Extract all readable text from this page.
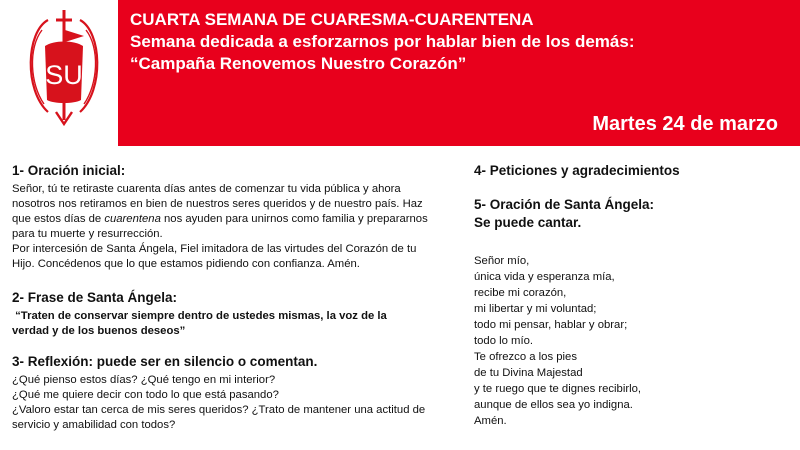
SU
CUARTA SEMANA DE CUARESMA-CUARENTENA
Semana dedicada a esforzarnos por hablar bien de los demás:
“Campaña Renovemos Nuestro Corazón”
Martes 24 de marzo
1- Oración inicial:
Señor, tú te retiraste cuarenta días antes de comenzar tu vida pública y ahora
nosotros nos retiramos en bien de nuestros seres queridos y de nuestro país. Haz
que estos días de cuarentena nos ayuden para unirnos como familia y prepararnos
para tu muerte y resurrección.
Por intercesión de Santa Ángela, Fiel imitadora de las virtudes del Corazón de tu
Hijo. Concédenos que lo que estamos pidiendo con confianza. Amén.
2- Frase de Santa Ángela:
“Traten de conservar siempre dentro de ustedes mismas, la voz de la
verdad y de los buenos deseos”
3- Reflexión: puede ser en silencio o comentan.
¿Qué pienso estos días? ¿Qué tengo en mi interior?
¿Qué me quiere decir con todo lo que está pasando?
¿Valoro estar tan cerca de mis seres queridos? ¿Trato de mantener una actitud de
servicio y amabilidad con todos?
4- Peticiones y agradecimientos
5- Oración de Santa Ángela:
Se puede cantar.
Señor mío,
única vida y esperanza mía,
recibe mi corazón,
mi libertar y mi voluntad;
todo mi pensar, hablar y obrar;
todo lo mío.
Te ofrezco a los pies
de tu Divina Majestad
y te ruego que te dignes recibirlo,
aunque de ellos sea yo indigna.
Amén.
